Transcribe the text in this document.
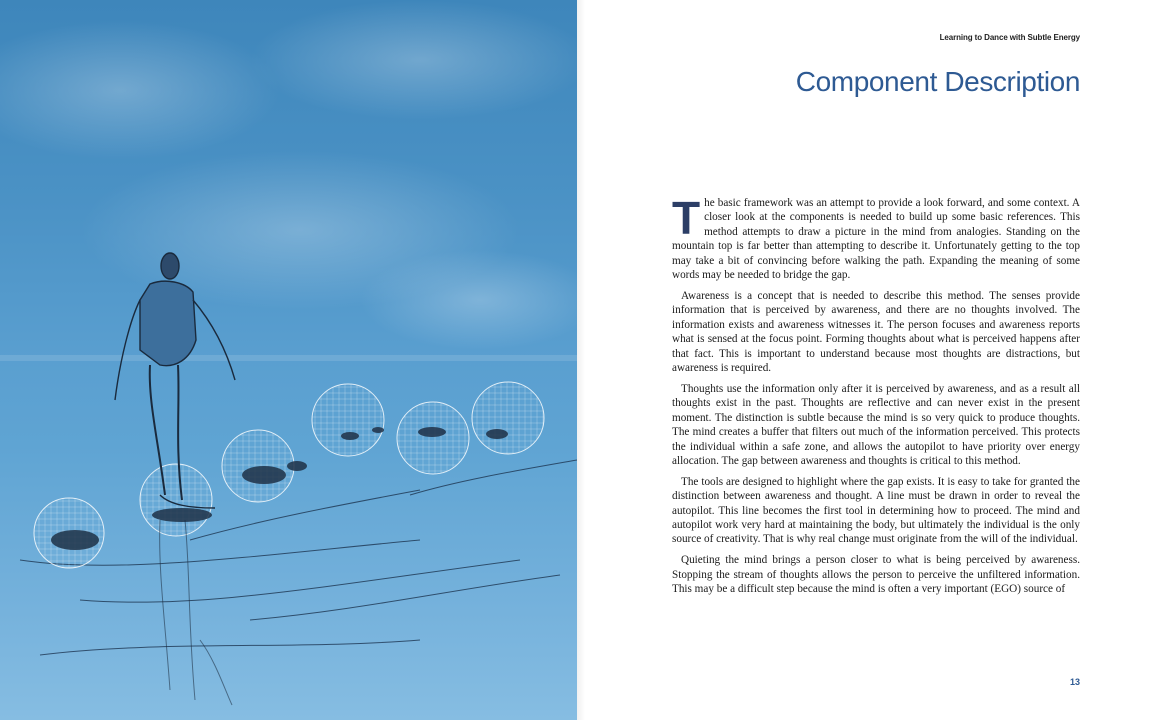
Learning to Dance with Subtle Energy
Component Description

The basic framework was an attempt to provide a look forward, and some context. A closer look at the components is needed to build up some basic references. This method attempts to draw a picture in the mind from analogies. Standing on the mountain top is far better than attempting to describe it. Unfortunately getting to the top may take a bit of convincing before walking the path. Expanding the meaning of some words may be needed to bridge the gap.

Awareness is a concept that is needed to describe this method. The senses provide information that is perceived by awareness, and there are no thoughts involved. The information exists and awareness witnesses it. The person focuses and awareness reports what is sensed at the focus point. Forming thoughts about what is perceived happens after that fact. This is important to understand because most thoughts are distractions, but awareness is required.

Thoughts use the information only after it is perceived by awareness, and as a result all thoughts exist in the past. Thoughts are reflective and can never exist in the present moment. The distinction is subtle because the mind is so very quick to produce thoughts. The mind creates a buffer that filters out much of the information perceived. This protects the individual within a safe zone, and allows the autopilot to have priority over energy allocation. The gap between awareness and thoughts is critical to this method.

The tools are designed to highlight where the gap exists. It is easy to take for granted the distinction between awareness and thought. A line must be drawn in order to reveal the autopilot. This line becomes the first tool in determining how to proceed. The mind and autopilot work very hard at maintaining the body, but ultimately the individual is the only source of creativity. That is why real change must originate from the will of the individual.

Quieting the mind brings a person closer to what is being perceived by awareness. Stopping the stream of thoughts allows the person to perceive the unfiltered information. This may be a difficult step because the mind is often a very important (EGO) source of

13
